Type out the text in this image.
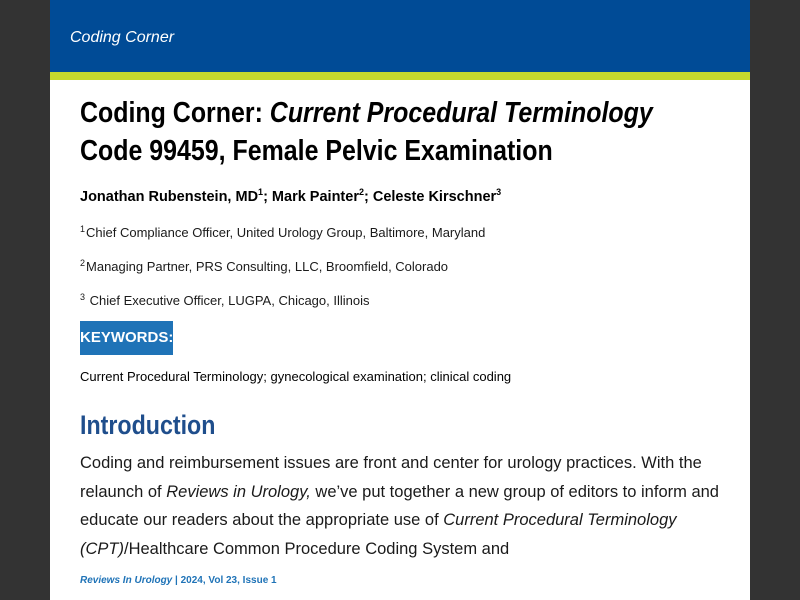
Coding Corner
Coding Corner: Current Procedural Terminology
Code 99459, Female Pelvic Examination
Jonathan Rubenstein, $MD^1$; Mark Painter$^2$; Celeste Kirschner$^3$
$^1$Chief Compliance Officer, United Urology Group, Baltimore, Maryland
$^2$Managing Partner, PRS Consulting, LLC, Broomfield, Colorado
$^3$ Chief Executive Officer, LUGPA, Chicago, Illinois
KEYWORDS:
Current Procedural Terminology; gynecological examination; clinical coding
Introduction
Coding and reimbursement issues are front and center for urology practices. With the relaunch of Reviews in Urology, we’ve put together a new group of editors to inform and educate our readers about the appropriate use of Current Procedural Terminology (CPT)/Healthcare Common Procedure Coding System and
Reviews In Urology | 2024, Vol 23, Issue 1
